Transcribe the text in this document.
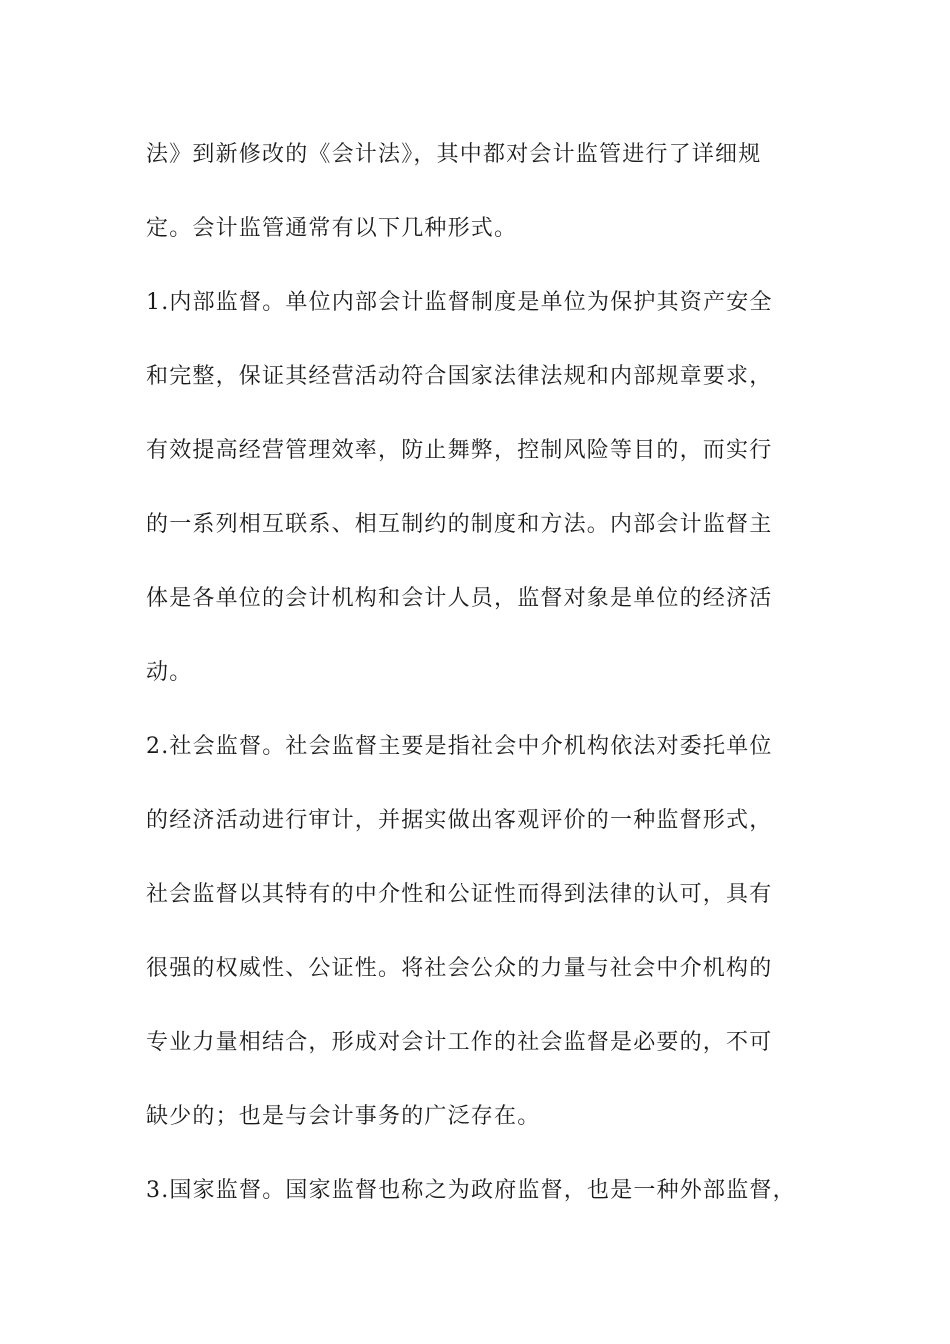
法》到新修改的《会计法》，其中都对会计监管进行了详细规
定。会计监管通常有以下几种形式。
1.内部监督。单位内部会计监督制度是单位为保护其资产安全
和完整，保证其经营活动符合国家法律法规和内部规章要求，
有效提高经营管理效率，防止舞弊，控制风险等目的，而实行
的一系列相互联系、相互制约的制度和方法。内部会计监督主
体是各单位的会计机构和会计人员，监督对象是单位的经济活
动。
2.社会监督。社会监督主要是指社会中介机构依法对委托单位
的经济活动进行审计，并据实做出客观评价的一种监督形式，
社会监督以其特有的中介性和公证性而得到法律的认可，具有
很强的权威性、公证性。将社会公众的力量与社会中介机构的
专业力量相结合，形成对会计工作的社会监督是必要的，不可
缺少的；也是与会计事务的广泛存在。
3.国家监督。国家监督也称之为政府监督，也是一种外部监督，
